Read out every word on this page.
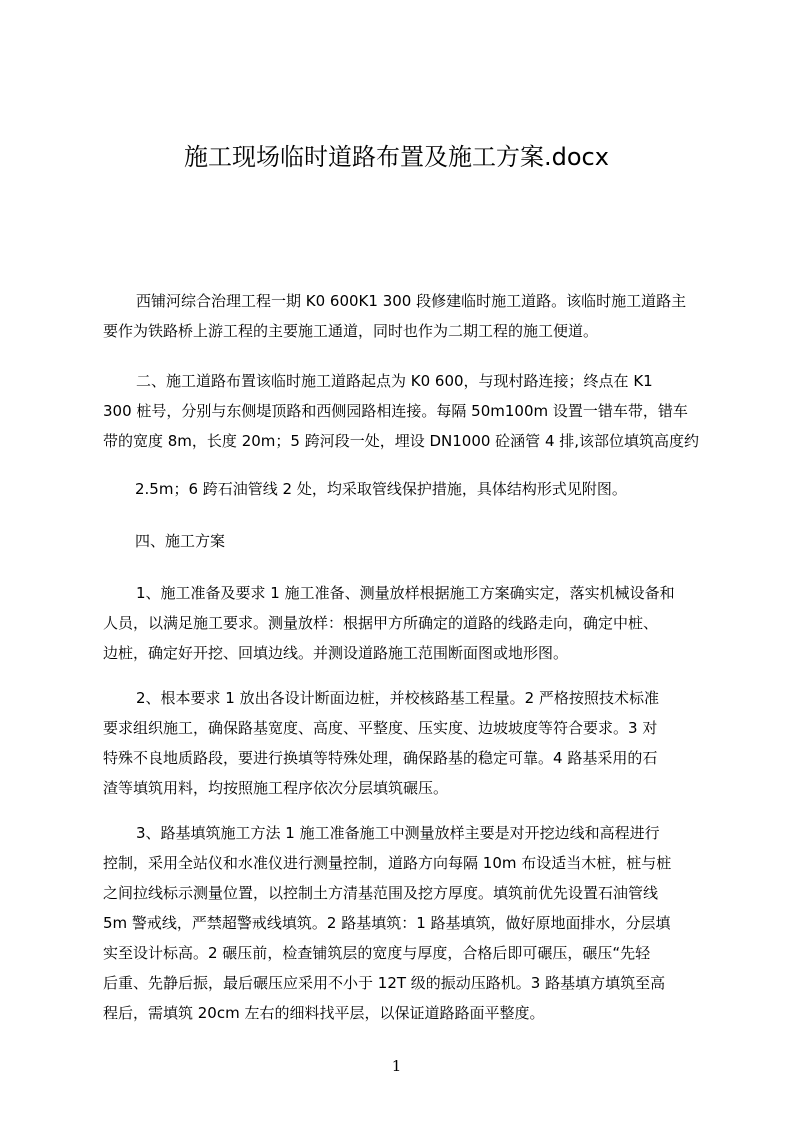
施工现场临时道路布置及施工方案.docx
西铺河综合治理工程一期 K0 600K1 300 段修建临时施工道路。该临时施工道路主
要作为铁路桥上游工程的主要施工通道，同时也作为二期工程的施工便道。
二、施工道路布置该临时施工道路起点为 K0 600，与现村路连接；终点在 K1
300 桩号，分别与东侧堤顶路和西侧园路相连接。每隔 50m100m 设置一错车带，错车
带的宽度 8m，长度 20m；5 跨河段一处，埋设 DN1000 砼涵管 4 排,该部位填筑高度约
2.5m；6 跨石油管线 2 处，均采取管线保护措施，具体结构形式见附图。
四、施工方案
1、施工准备及要求 1 施工准备、测量放样根据施工方案确实定，落实机械设备和
人员，以满足施工要求。测量放样：根据甲方所确定的道路的线路走向，确定中桩、
边桩，确定好开挖、回填边线。并测设道路施工范围断面图或地形图。
2、根本要求 1 放出各设计断面边桩，并校核路基工程量。2 严格按照技术标准
要求组织施工，确保路基宽度、高度、平整度、压实度、边坡坡度等符合要求。3 对
特殊不良地质路段，要进行换填等特殊处理，确保路基的稳定可靠。4 路基采用的石
渣等填筑用料，均按照施工程序依次分层填筑碾压。
3、路基填筑施工方法 1 施工准备施工中测量放样主要是对开挖边线和高程进行
控制，采用全站仪和水准仪进行测量控制，道路方向每隔 10m 布设适当木桩，桩与桩
之间拉线标示测量位置，以控制土方清基范围及挖方厚度。填筑前优先设置石油管线
5m 警戒线，严禁超警戒线填筑。2 路基填筑：1 路基填筑，做好原地面排水，分层填
实至设计标高。2 碾压前，检查铺筑层的宽度与厚度，合格后即可碾压，碾压“先轻
后重、先静后振，最后碾压应采用不小于 12T 级的振动压路机。3 路基填方填筑至高
程后，需填筑 20cm 左右的细料找平层，以保证道路路面平整度。
1
